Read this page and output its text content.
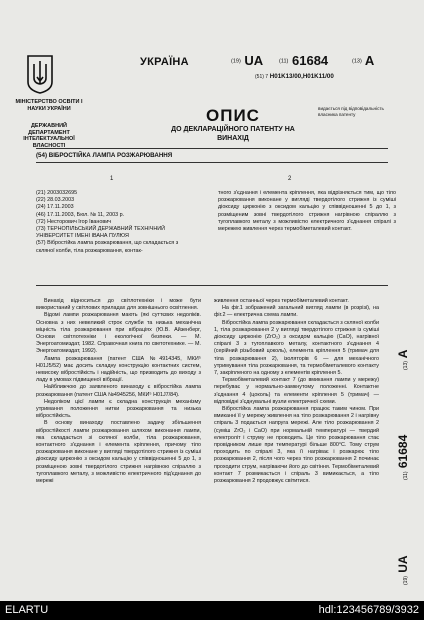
МІНІСТЕРСТВО ОСВІТИ І НАУКИ УКРАЇНИ
ДЕРЖАВНИЙ ДЕПАРТАМЕНТ ІНТЕЛЕКТУАЛЬНОЇ ВЛАСНОСТІ
УКРАЇНА	(19) UA	(11) 61684	(13) A
(51) 7 H01K13/00,H01K11/00
ОПИС
ДО ДЕКЛАРАЦІЙНОГО ПАТЕНТУ НА ВИНАХІД
видається під відповідальність власника патенту
(54) ВІБРОСТІЙКА ЛАМПА РОЗЖАРЮВАННЯ
1	2
(21) 2003032695
(22) 28.03.2003
(24) 17.11.2003
(46) 17.11.2003, Бюл. № 11, 2003 р.
(72) Несторович Ігор Іванович
(73) ТЕРНОПІЛЬСЬКИЙ ДЕРЖАВНИЙ ТЕХНІЧНИЙ УНІВЕРСИТЕТ ІМЕНІ ІВАНА ПУЛЮЯ
(57) Вібростійка лампа розжарювання, що складається з скляної колби, тіла розжарювання, контак-
тного з'єднання і елемента кріплення, яка відрізняється тим, що тіло розжарювання виконане у вигляді твердотілого стрижня із суміші діоксиду цирконію з оксидом кальцію у співвідношенні 5 до 1, з розміщеним зовні твердотілого стрижня нагрівною спіраллю з тугоплавкого металу з можливістю електричного з'єднання спіралі з мережею живлення через термобіметалевий контакт.

Винахід відноситься до світлотехніки і може бути використаний у світлових приладах для зовнішнього освітлення.

Відомі лампи розжарювання мають (які суттєвих недоліків. Основна з них невеликий строк служби та низька механічна міцність тіла розжарювання при вібраціях (Ю.В. Айзенберг, Основи світлотехніки і екологічної безпеки. — М. Энергоатомиздат, 1982. Справочная книга по светотехнике. — М. Энергоатомиздат, 1992).

Лампа розжарювання (патент США №4914345, МКИ⁵ Н01J5/52) має досить складну конструкцію контактних систем, невисоку вібростійкість і надійність, що призводить до виходу з ладу в умовах підвищеної вібрації.

Найближчою до заявленого винаходу є вібростійка лампа розжарювання (патент США №4945256, МКИ⁵ Н01J7/84).

Недоліком цієї лампи є складна конструкція механізму утримання положення нитки розжарювання та низька вібростійкість.

В основу винаходу поставлено задачу збільшення вібростійкості лампи розжарювання шляхом виконання лампи, яка складається зі скляної колби, тіла розжарювання, контактного з'єднання і елемента кріплення, причому тіло розжарювання виконане у вигляді твердотілого стрижня із суміші діоксиду цирконію з оксидом кальцію у співвідношенні 5 до 1, з розміщеною зовні твердотілого стрижня нагрівною спіраллю з тугоплавкого металу, з можливістю електричного під'єднання до мережі

живлення останньої через термобіметалевий контакт.

На фіг.1 зображений загальний вигляд лампи (в розрізі), на фіг.2 — електрична схема лампи.

Вібростійка лампа розжарювання складається з скляної колби 1, тіла розжарювання 2 у вигляді твердотілого стрижня із суміші діоксиду цирконію (ZrO₂) з оксидом кальцію (CaO), нагрівної спіралі 3 з тугоплавкого металу, контактного з'єднання 4 (серійний різьбовий цоколь), елемента кріплення 5 (тримач для тіла розжарювання 2), ізоляторів 6 — для механічного утримування тіла розжарювання, та термобіметалевого контакту 7, закріпленого на одному з елементів кріплення 5.

Термобіметалевий контакт 7 (до вмикання лампи у мережу) перебуває у нормально-замкнутому положенні. Контактне з'єднання 4 (цоколь) та елементи кріплення 5 (тримач) — відповідні з'єднувальні вузли електричної схеми.

Вібростійка лампа розжарювання працює таким чином. При вмиканні її у мережу живлення на тіло розжарювання 2 і нагрівну спіраль 3 подається напруга мережі. Але тіло розжарювання 2 (суміш ZrO₂ і CaO) при нормальній температурі — твердий електроліт і струму не проводить. Це тіло розжарювання стає провідником лише при температурі більше 800°С. Тому струм проходить по спіралі 3, яка її нагріває і розжарює тіло розжарювання 2, після чого через тіло розжарювання 2 починає проходити струм, нагріваючи його до світіння. Термобіметалевий контакт 7 розмикається і спіраль 3 вимикається, а тіло розжарювання 2 продовжує світитися.

(19) UA
(11) 61684
(13) A
ELARTU	hdl:123456789/3932
